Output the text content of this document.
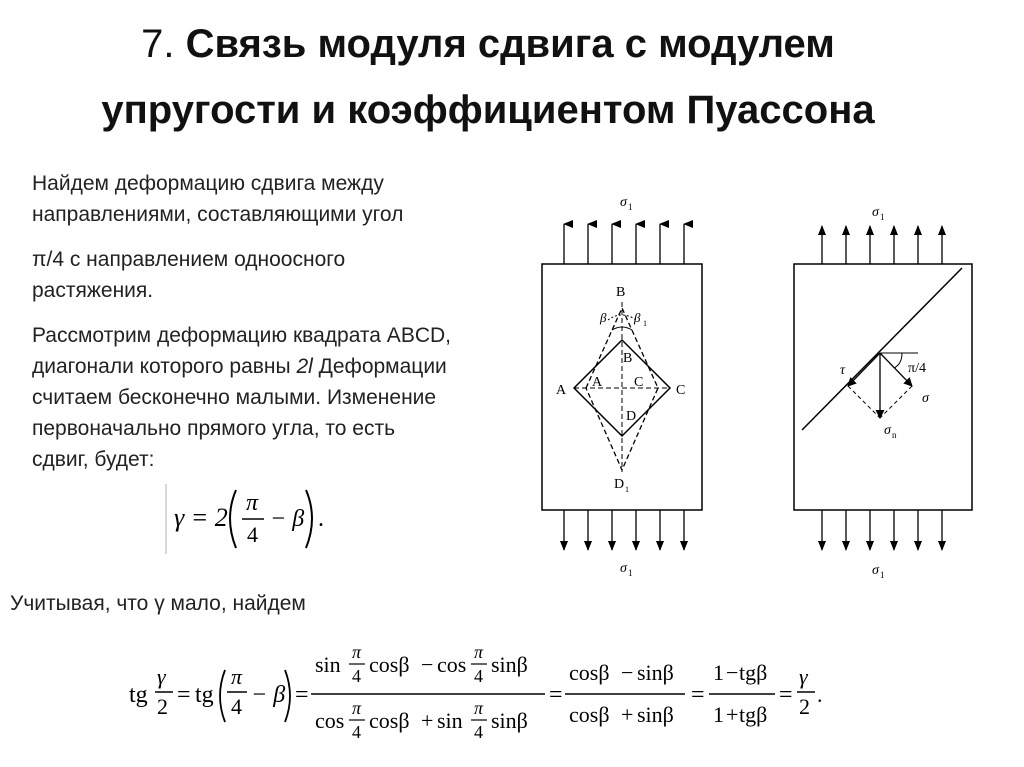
7. Связь модуля сдвига с модулем
упругости и коэффициентом Пуассона
Найдем деформацию сдвига между
направлениями, составляющими угол
π/4 с направлением одноосного
растяжения.
Рассмотрим деформацию квадрата ABCD,
диагонали которого равны 2l Деформации
считаем бесконечно малыми. Изменение
первоначально прямого угла, то есть
сдвиг, будет:
Учитывая, что γ мало, найдем
γ = 2 π
4
− β .
tg
γ
2 = tg
π
4 − β =
sin π
4 cosβ − cos π
4 sinβ
cos π
4 cosβ + sin π
4 sinβ
=
cosβ − sinβ
cosβ + sinβ
=
1 − tgβ
1 + tgβ
=
γ
2 .
σ 1
σ 1
B
β β 1
B
A
A C
C
D
D 1
σ 1
σ 1
π/4
τ
σ
σ n
